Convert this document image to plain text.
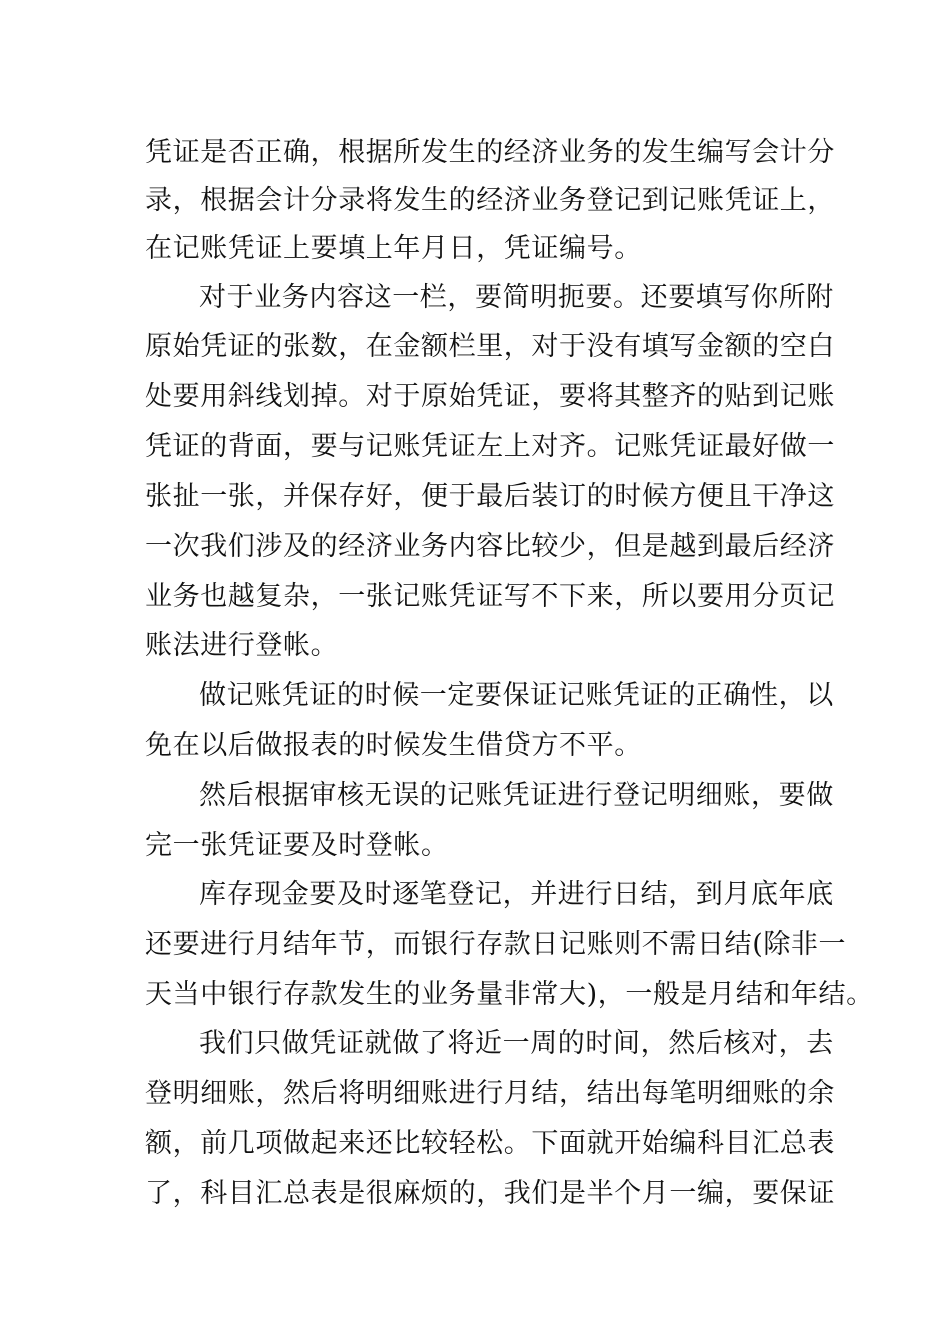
凭证是否正确，根据所发生的经济业务的发生编写会计分

录，根据会计分录将发生的经济业务登记到记账凭证上，

在记账凭证上要填上年月日，凭证编号。

对于业务内容这一栏，要简明扼要。还要填写你所附

原始凭证的张数，在金额栏里，对于没有填写金额的空白

处要用斜线划掉。对于原始凭证，要将其整齐的贴到记账

凭证的背面，要与记账凭证左上对齐。记账凭证最好做一

张扯一张，并保存好，便于最后装订的时候方便且干净这

一次我们涉及的经济业务内容比较少，但是越到最后经济

业务也越复杂，一张记账凭证写不下来，所以要用分页记

账法进行登帐。

做记账凭证的时候一定要保证记账凭证的正确性，以

免在以后做报表的时候发生借贷方不平。

然后根据审核无误的记账凭证进行登记明细账，要做

完一张凭证要及时登帐。

库存现金要及时逐笔登记，并进行日结，到月底年底

还要进行月结年节，而银行存款日记账则不需日结(除非一

天当中银行存款发生的业务量非常大)，一般是月结和年结。

我们只做凭证就做了将近一周的时间，然后核对，去

登明细账，然后将明细账进行月结，结出每笔明细账的余

额，前几项做起来还比较轻松。下面就开始编科目汇总表

了，科目汇总表是很麻烦的，我们是半个月一编，要保证
